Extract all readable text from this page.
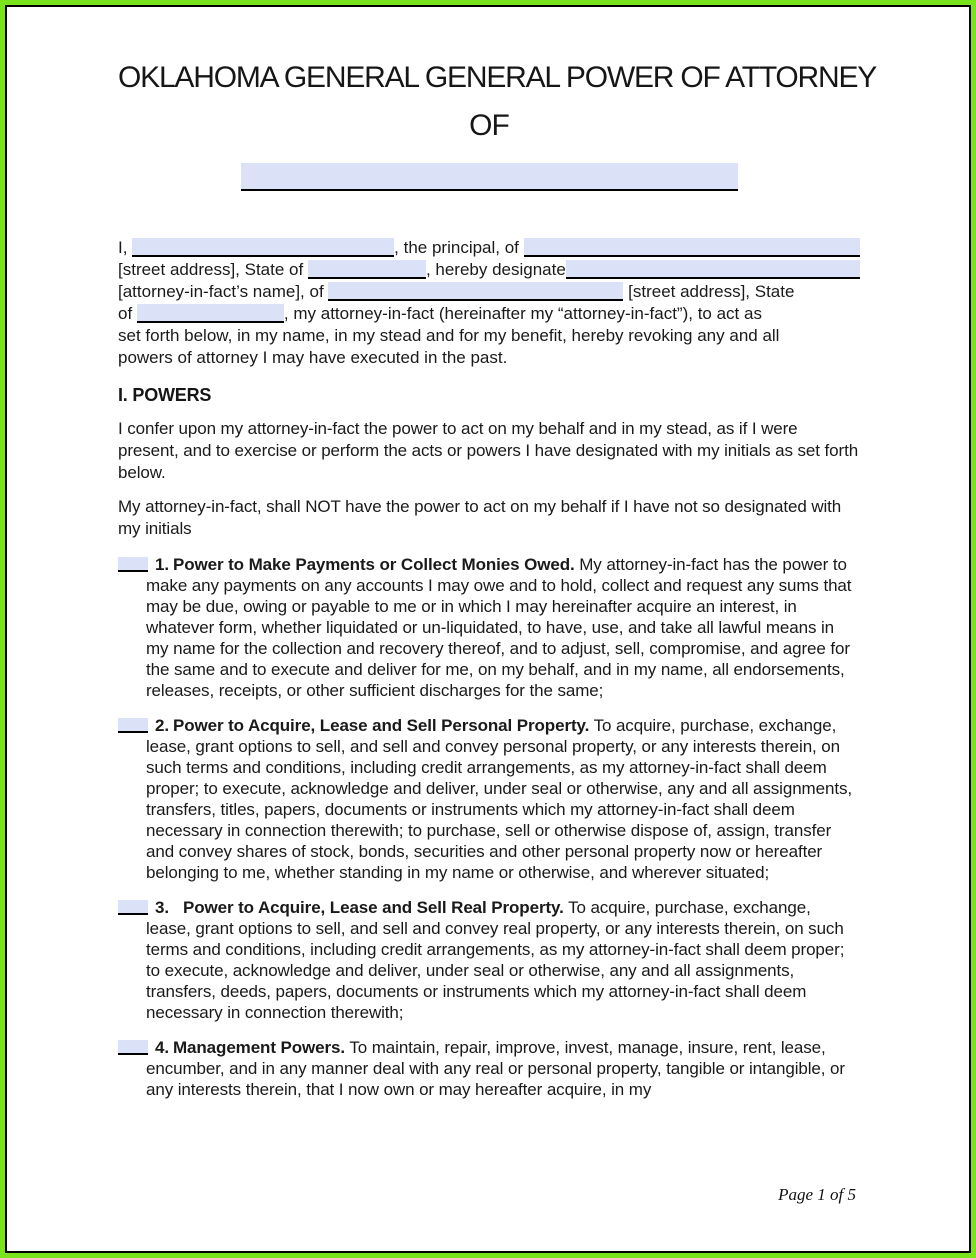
OKLAHOMA GENERAL GENERAL POWER OF ATTORNEY
OF
I,	, the principal, of
[street address], State of	, hereby designate
[attorney-in-fact’s name], of	[street address], State
of	, my attorney-in-fact (hereinafter my “attorney-in-fact”), to act as
set forth below, in my name, in my stead and for my benefit, hereby revoking any and all
powers of attorney I may have executed in the past.
I. POWERS

I confer upon my attorney-in-fact the power to act on my behalf and in my stead, as if I were present, and to exercise or perform the acts or powers I have designated with my initials as set forth below.

My attorney-in-fact, shall NOT have the power to act on my behalf if I have not so designated with my initials

1. Power to Make Payments or Collect Monies Owed. My attorney-in-fact has the power to make any payments on any accounts I may owe and to hold, collect and request any sums that may be due, owing or payable to me or in which I may hereinafter acquire an interest, in whatever form, whether liquidated or un-liquidated, to have, use, and take all lawful means in my name for the collection and recovery thereof, and to adjust, sell, compromise, and agree for the same and to execute and deliver for me, on my behalf, and in my name, all endorsements, releases, receipts, or other sufficient discharges for the same;
2. Power to Acquire, Lease and Sell Personal Property. To acquire, purchase, exchange, lease, grant options to sell, and sell and convey personal property, or any interests therein, on such terms and conditions, including credit arrangements, as my attorney-in-fact shall deem proper; to execute, acknowledge and deliver, under seal or otherwise, any and all assignments, transfers, titles, papers, documents or instruments which my attorney-in-fact shall deem necessary in connection therewith; to purchase, sell or otherwise dispose of, assign, transfer and convey shares of stock, bonds, securities and other personal property now or hereafter belonging to me, whether standing in my name or otherwise, and wherever situated;
3. Power to Acquire, Lease and Sell Real Property. To acquire, purchase, exchange, lease, grant options to sell, and sell and convey real property, or any interests therein, on such terms and conditions, including credit arrangements, as my attorney-in-fact shall deem proper; to execute, acknowledge and deliver, under seal or otherwise, any and all assignments, transfers, deeds, papers, documents or instruments which my attorney-in-fact shall deem necessary in connection therewith;
4. Management Powers. To maintain, repair, improve, invest, manage, insure, rent, lease, encumber, and in any manner deal with any real or personal property, tangible or intangible, or any interests therein, that I now own or may hereafter acquire, in my
Page 1 of 5
